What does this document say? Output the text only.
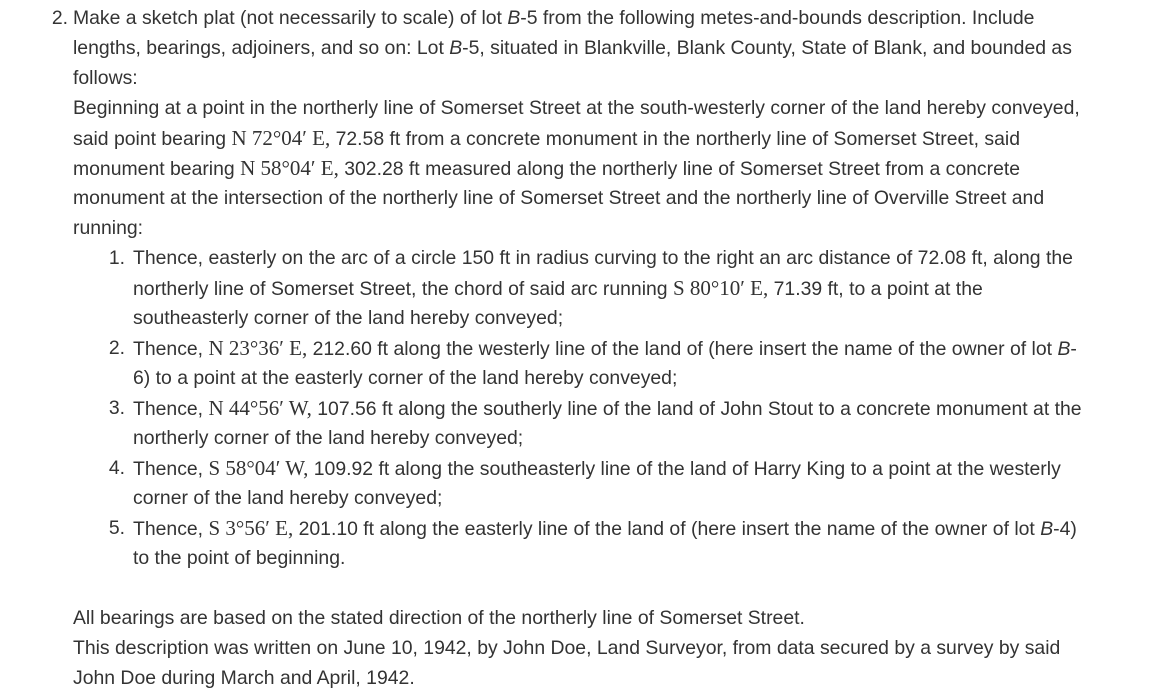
2. Make a sketch plat (not necessarily to scale) of lot B-5 from the following metes-and-bounds description. Include
lengths, bearings, adjoiners, and so on: Lot B-5, situated in Blankville, Blank County, State of Blank, and bounded as
follows:
Beginning at a point in the northerly line of Somerset Street at the south-westerly corner of the land hereby conveyed,
said point bearing N 72°04′ E, 72.58 ft from a concrete monument in the northerly line of Somerset Street, said
monument bearing N 58°04′ E, 302.28 ft measured along the northerly line of Somerset Street from a concrete
monument at the intersection of the northerly line of Somerset Street and the northerly line of Overville Street and
running:
1. Thence, easterly on the arc of a circle 150 ft in radius curving to the right an arc distance of 72.08 ft, along the
northerly line of Somerset Street, the chord of said arc running S 80°10′ E, 71.39 ft, to a point at the
southeasterly corner of the land hereby conveyed;
2. Thence, N 23°36′ E, 212.60 ft along the westerly line of the land of (here insert the name of the owner of lot B-
6) to a point at the easterly corner of the land hereby conveyed;
3. Thence, N 44°56′ W, 107.56 ft along the southerly line of the land of John Stout to a concrete monument at the
northerly corner of the land hereby conveyed;
4. Thence, S 58°04′ W, 109.92 ft along the southeasterly line of the land of Harry King to a point at the westerly
corner of the land hereby conveyed;
5. Thence, S 3°56′ E, 201.10 ft along the easterly line of the land of (here insert the name of the owner of lot B-4)
to the point of beginning.
All bearings are based on the stated direction of the northerly line of Somerset Street.
This description was written on June 10, 1942, by John Doe, Land Surveyor, from data secured by a survey by said
John Doe during March and April, 1942.
